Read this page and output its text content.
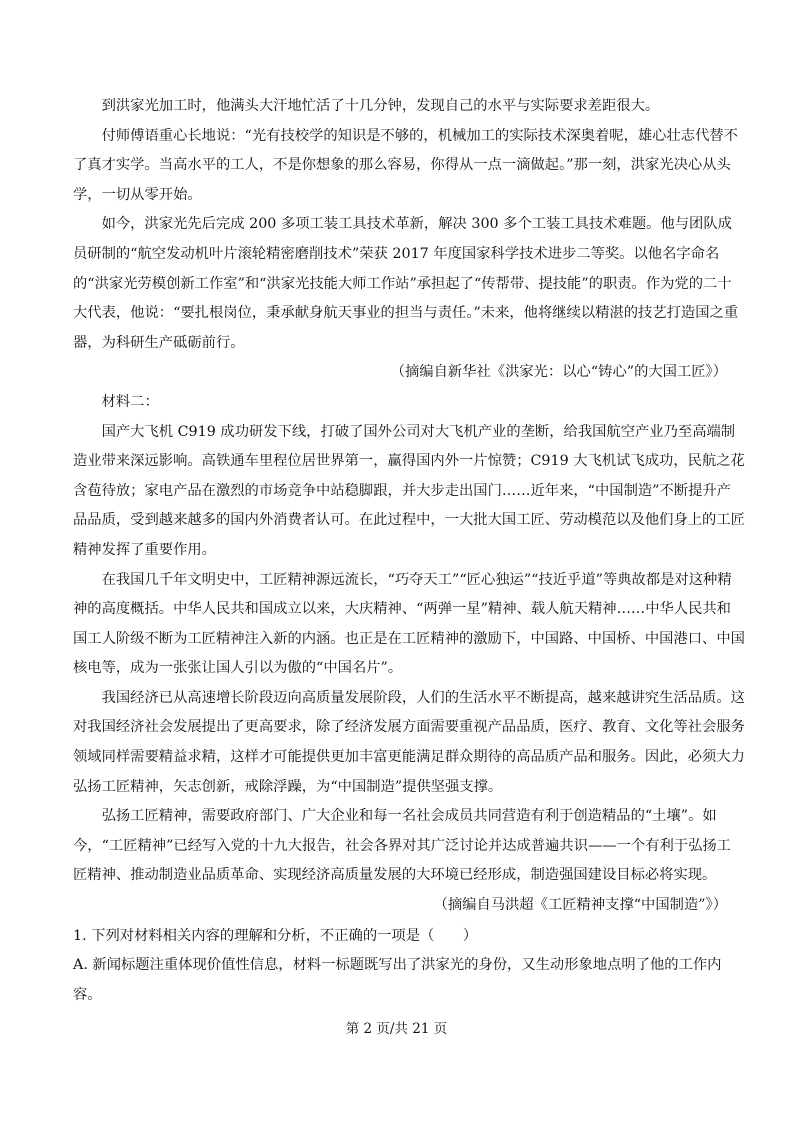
到洪家光加工时，他满头大汗地忙活了十几分钟，发现自己的水平与实际要求差距很大。

付师傅语重心长地说：“光有技校学的知识是不够的，机械加工的实际技术深奥着呢，雄心壮志代替不了真才实学。当高水平的工人，不是你想象的那么容易，你得从一点一滴做起。”那一刻，洪家光决心从头学，一切从零开始。

如今，洪家光先后完成 200 多项工装工具技术革新，解决 300 多个工装工具技术难题。他与团队成员研制的“航空发动机叶片滚轮精密磨削技术”荣获 2017 年度国家科学技术进步二等奖。以他名字命名的“洪家光劳模创新工作室”和“洪家光技能大师工作站”承担起了“传帮带、提技能”的职责。作为党的二十大代表，他说：“要扎根岗位，秉承献身航天事业的担当与责任。”未来，他将继续以精湛的技艺打造国之重器，为科研生产砥砺前行。

（摘编自新华社《洪家光：以心“铸心”的大国工匠》）

材料二：

国产大飞机 C919 成功研发下线，打破了国外公司对大飞机产业的垄断，给我国航空产业乃至高端制造业带来深远影响。高铁通车里程位居世界第一，赢得国内外一片惊赞；C919 大飞机试飞成功，民航之花含苞待放；家电产品在激烈的市场竞争中站稳脚跟，并大步走出国门……近年来，“中国制造”不断提升产品品质，受到越来越多的国内外消费者认可。在此过程中，一大批大国工匠、劳动模范以及他们身上的工匠精神发挥了重要作用。

在我国几千年文明史中，工匠精神源远流长，“巧夺天工”“匠心独运”“技近乎道”等典故都是对这种精神的高度概括。中华人民共和国成立以来，大庆精神、“两弹一星”精神、载人航天精神……中华人民共和国工人阶级不断为工匠精神注入新的内涵。也正是在工匠精神的激励下，中国路、中国桥、中国港口、中国核电等，成为一张张让国人引以为傲的“中国名片”。

我国经济已从高速增长阶段迈向高质量发展阶段，人们的生活水平不断提高，越来越讲究生活品质。这对我国经济社会发展提出了更高要求，除了经济发展方面需要重视产品品质，医疗、教育、文化等社会服务领域同样需要精益求精，这样才可能提供更加丰富更能满足群众期待的高品质产品和服务。因此，必须大力弘扬工匠精神，矢志创新，戒除浮躁，为“中国制造”提供坚强支撑。

弘扬工匠精神，需要政府部门、广大企业和每一名社会成员共同营造有利于创造精品的“土壤”。如今，“工匠精神”已经写入党的十九大报告，社会各界对其广泛讨论并达成普遍共识——一个有利于弘扬工匠精神、推动制造业品质革命、实现经济高质量发展的大环境已经形成，制造强国建设目标必将实现。

（摘编自马洪超《工匠精神支撑“中国制造”》）

1. 下列对材料相关内容的理解和分析，不正确的一项是（　　）

A. 新闻标题注重体现价值性信息，材料一标题既写出了洪家光的身份，又生动形象地点明了他的工作内容。

第 2 页/共 21 页
